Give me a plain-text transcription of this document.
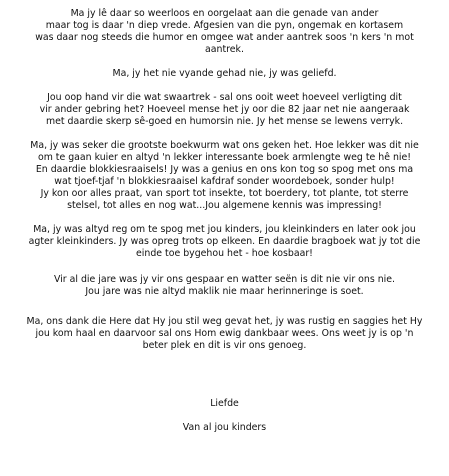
Ma jy lê daar so weerloos en oorgelaat aan die genade van ander
maar tog is daar 'n diep vrede. Afgesien van die pyn, ongemak en kortasem
was daar nog steeds die humor en omgee wat ander aantrek soos 'n kers 'n mot
aantrek.
Ma, jy het nie vyande gehad nie, jy was geliefd.
Jou oop hand vir die wat swaartrek - sal ons ooit weet hoeveel verligting dit
vir ander gebring het? Hoeveel mense het jy oor die 82 jaar net nie aangeraak
met daardie skerp sê-goed en humorsin nie. Jy het mense se lewens verryk.
Ma, jy was seker die grootste boekwurm wat ons geken het. Hoe lekker was dit nie
om te gaan kuier en altyd 'n lekker interessante boek armlengte weg te hê nie!
En daardie blokkiesraaisels! Jy was a genius en ons kon tog so spog met ons ma
wat tjoef-tjaf 'n blokkiesraaisel kafdraf sonder woordeboek, sonder hulp!
Jy kon oor alles praat, van sport tot insekte, tot boerdery, tot plante, tot sterre
stelsel, tot alles en nog wat...Jou algemene kennis was impressing!
Ma, jy was altyd reg om te spog met jou kinders, jou kleinkinders en later ook jou
agter kleinkinders. Jy was opreg trots op elkeen. En daardie bragboek wat jy tot die
einde toe bygehou het - hoe kosbaar!
Vir al die jare was jy vir ons gespaar en watter seën is dit nie vir ons nie.
Jou jare was nie altyd maklik nie maar herinneringe is soet.
Ma, ons dank die Here dat Hy jou stil weg gevat het, jy was rustig en saggies het Hy
jou kom haal en daarvoor sal ons Hom ewig dankbaar wees. Ons weet jy is op 'n
beter plek en dit is vir ons genoeg.
Liefde
Van al jou kinders
